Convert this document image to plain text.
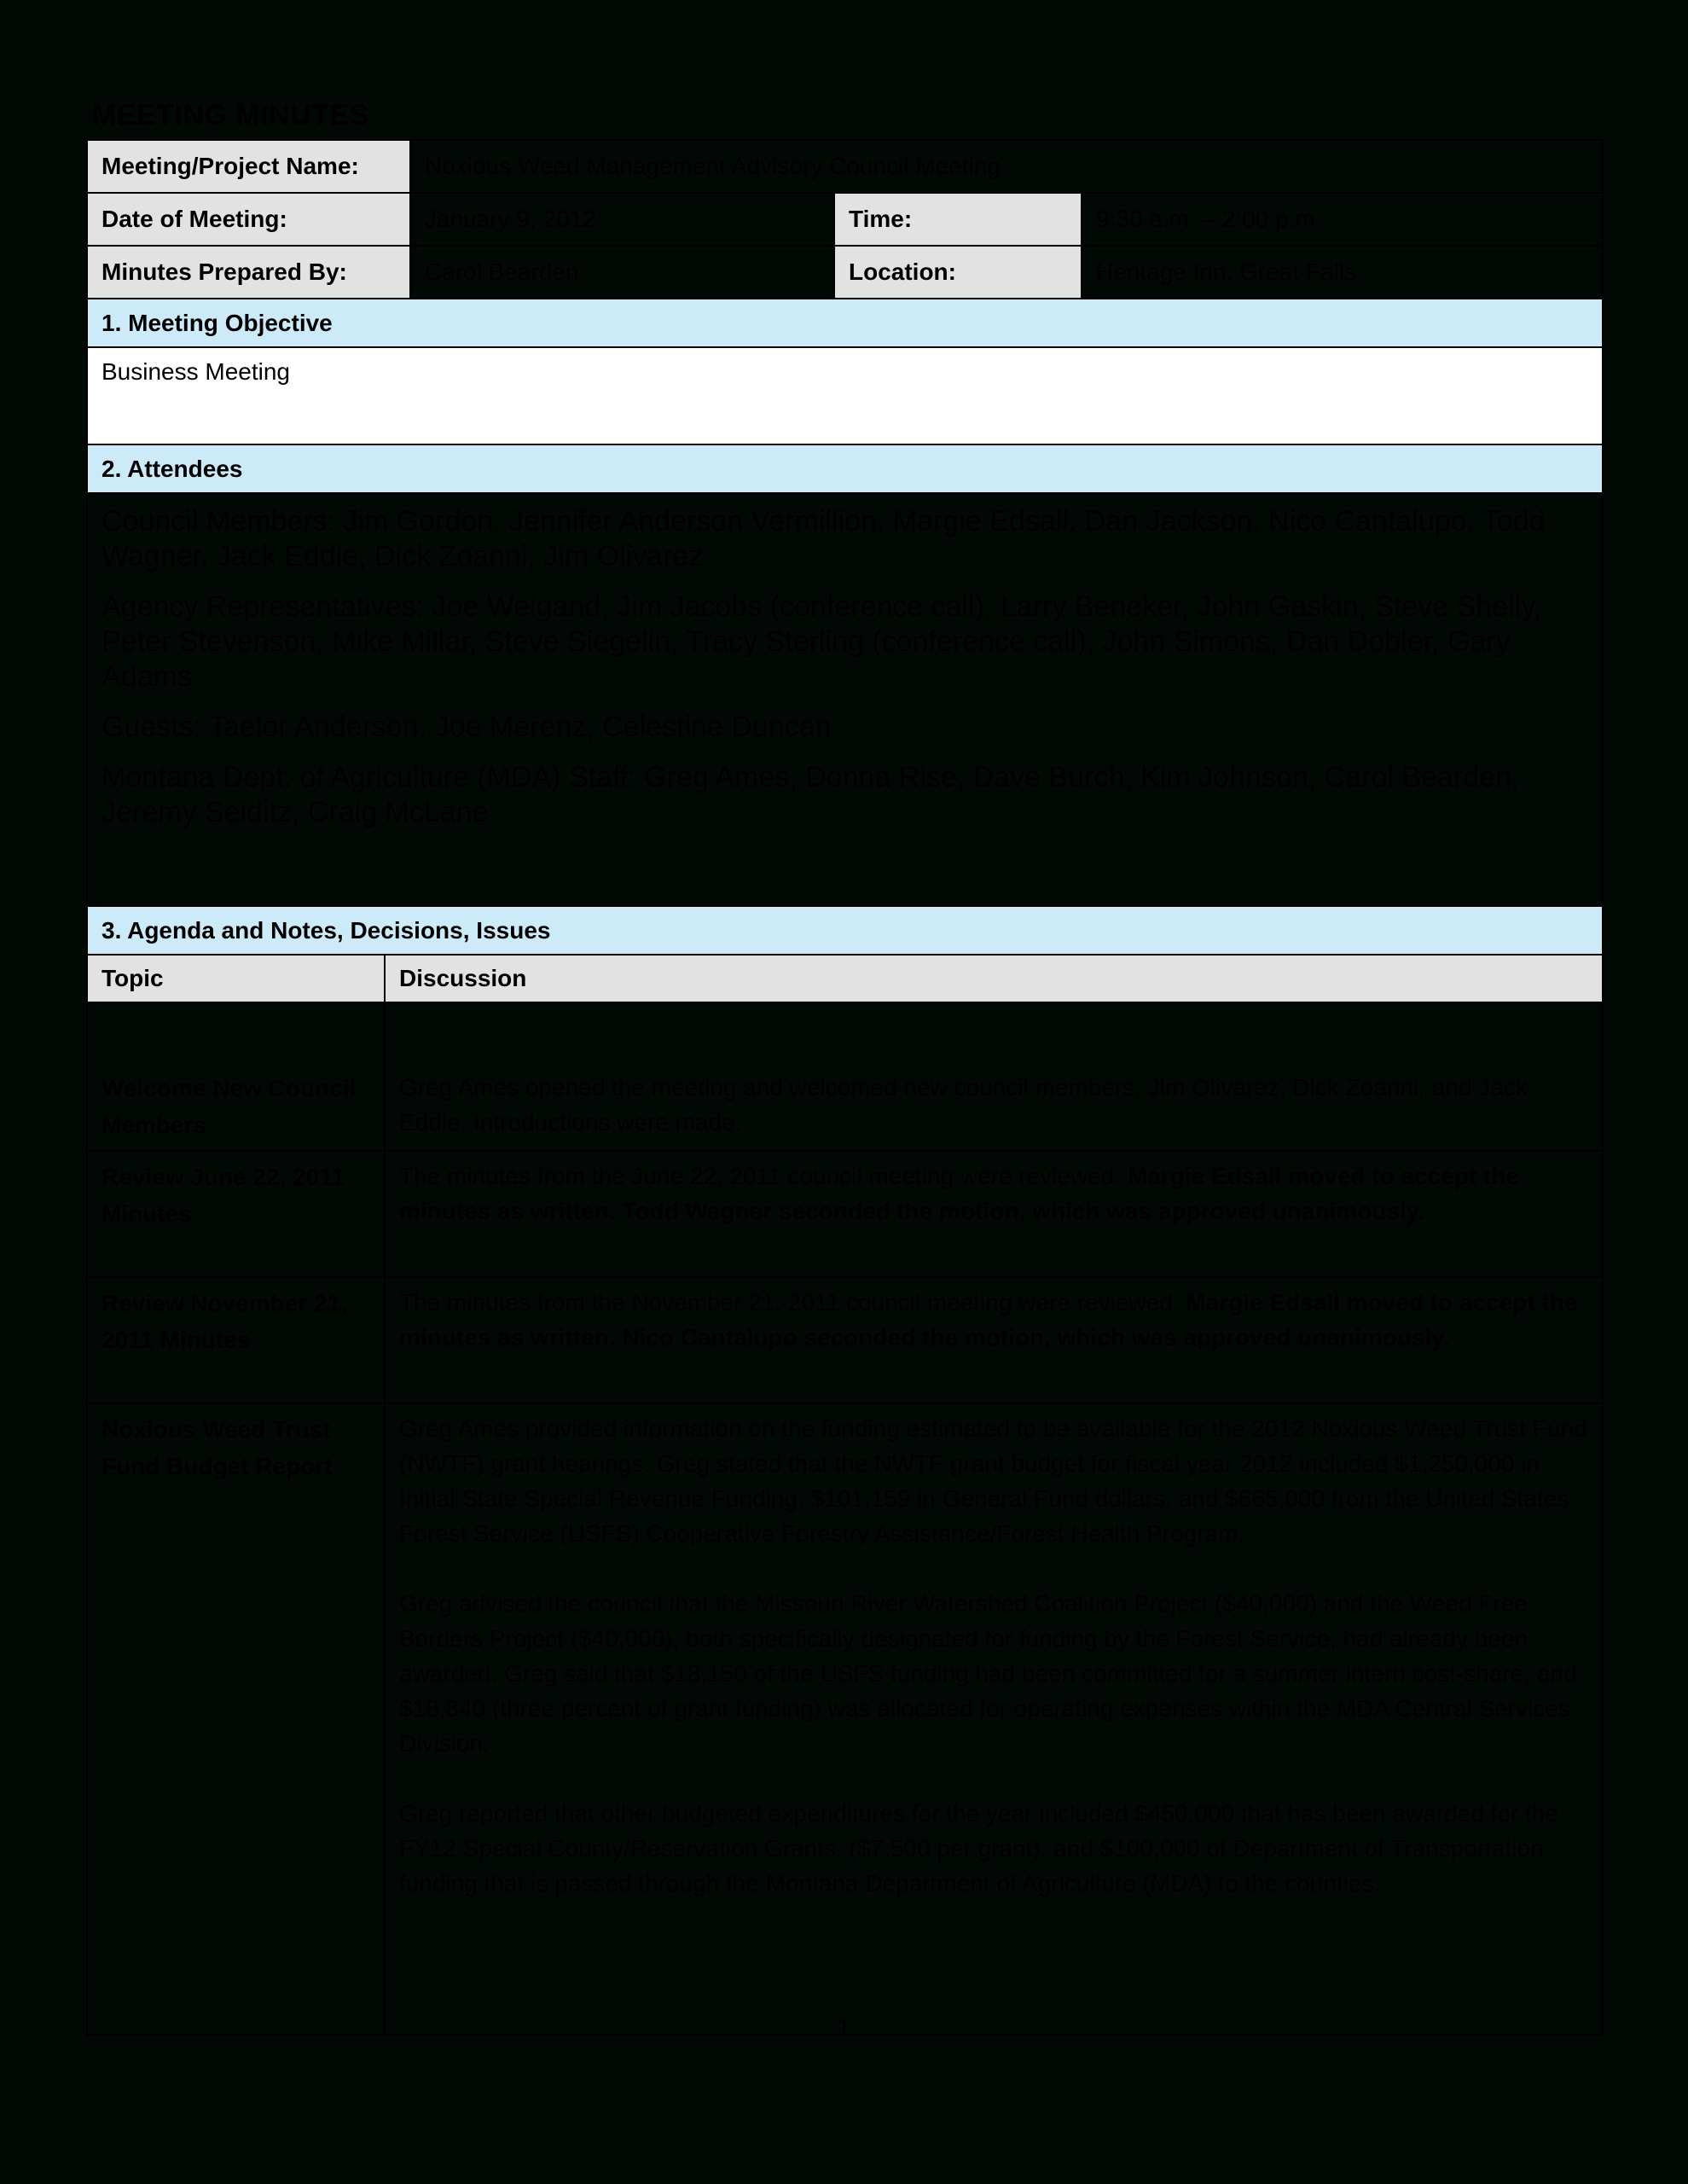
MEETING MINUTES
Meeting/Project Name:	Noxious Weed Management Advisory Council Meeting		
Date of Meeting:	January 9, 2012	Time:	9:30 a.m. – 2:00 p.m.
Minutes Prepared By:	Carol Bearden	Location:	Heritage Inn, Great Falls
1. Meeting Objective			
Business Meeting			
2. Attendees			

Council Members: Jim Gordon, Jennifer Anderson Vermillion, Margie Edsall, Dan Jackson, Nico Cantalupo, Todd Wagner, Jack Eddie, Dick Zoanni, Jim Olivarez

Agency Representatives: Joe Weigand, Jim Jacobs (conference call), Larry Beneker, John Gaskin, Steve Shelly, Peter Stevenson, Mike Millar, Steve Siegelin, Tracy Sterling (conference call), John Simons, Dan Dobler, Gary Adams

Guests: Taelor Anderson, Joe Merenz, Celestine Duncan

Montana Dept. of Agriculture (MDA) Staff: Greg Ames, Donna Rise, Dave Burch, Kim Johnson, Carol Bearden, Jeremy Seiditz, Craig McLane			

3. Agenda and Notes, Decisions, Issues	
Topic	Discussion

Welcome New Council Members	Greg Ames opened the meeting and welcomed new council members, Jim Olivarez, Dick Zoanni, and Jack Eddie. Introductions were made.

Review June 22, 2011 Minutes	The minutes from the June 22, 2011 council meeting were reviewed. Margie Edsall moved to accept the minutes as written. Todd Wagner seconded the motion, which was approved unanimously.
Review November 21, 2011 Minutes	The minutes from the November 21, 2011 council meeting were reviewed. Margie Edsall moved to accept the minutes as written. Nico Cantalupo seconded the motion, which was approved unanimously.
Noxious Weed Trust Fund Budget Report	Greg Ames provided information on the funding estimated to be available for the 2012 Noxious Weed Trust Fund (NWTF) grant hearings. Greg stated that the NWTF grant budget for fiscal year 2012 included $1,250,000 in Initial State Special Revenue Funding, $101,159 in General Fund dollars, and $665,000 from the United States Forest Service (USFS) Cooperative Forestry Assistance/Forest Health Program.

Greg advised the council that the Missouri River Watershed Coalition Project ($40,000) and the Weed Free Borders Project ($40,000), both specifically designated for funding by the Forest Service, had already been awarded. Greg said that $18,150 of the USFS funding had been committed for a summer intern cost-share, and $18,840 (three percent of grant funding) was allocated for operating expenses within the MDA Central Services Division.

Greg reported that other budgeted expenditures for the year included $450,000 that has been awarded for the FY12 Special County/Reservation Grants, ($7,500 per grant), and $100,000 of Department of Transportation funding that is passed through the Montana Department of Agriculture (MDA) to the counties.

1
